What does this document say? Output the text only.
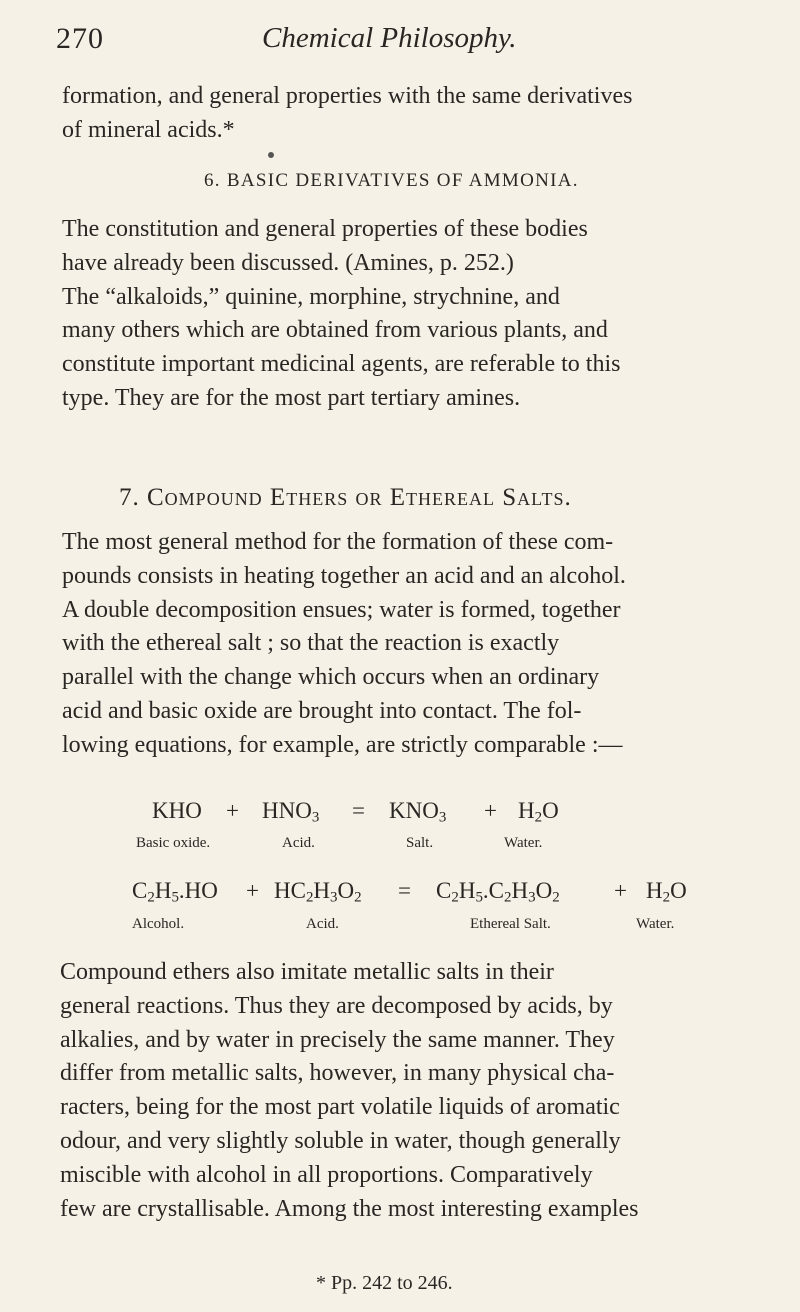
270	Chemical Philosophy.

formation, and general properties with the same derivatives
of mineral acids.*

6. BASIC DERIVATIVES OF AMMONIA.

The constitution and general properties of these bodies
have already been discussed. (Amines, p. 252.)
The “alkaloids,” quinine, morphine, strychnine, and
many others which are obtained from various plants, and
constitute important medicinal agents, are referable to this
type. They are for the most part tertiary amines.

7. Compound Ethers or Ethereal Salts.

The most general method for the formation of these com-
pounds consists in heating together an acid and an alcohol.
A double decomposition ensues; water is formed, together
with the ethereal salt ; so that the reaction is exactly
parallel with the change which occurs when an ordinary
acid and basic oxide are brought into contact. The fol-
lowing equations, for example, are strictly comparable :—

KHO + $HNO_3 = KNO_3 + H_2O$
Basic oxide.	Acid.	Salt.	Water.
$C_2H_5.HO + HC_2H_3O_2 = C_2H_5.C_2H_3O_2 + H_2O$
Alcohol.	Acid.	Ethereal Salt.	Water.

Compound ethers also imitate metallic salts in their
general reactions. Thus they are decomposed by acids, by
alkalies, and by water in precisely the same manner. They
differ from metallic salts, however, in many physical cha-
racters, being for the most part volatile liquids of aromatic
odour, and very slightly soluble in water, though generally
miscible with alcohol in all proportions. Comparatively
few are crystallisable. Among the most interesting examples

* Pp. 242 to 246.
